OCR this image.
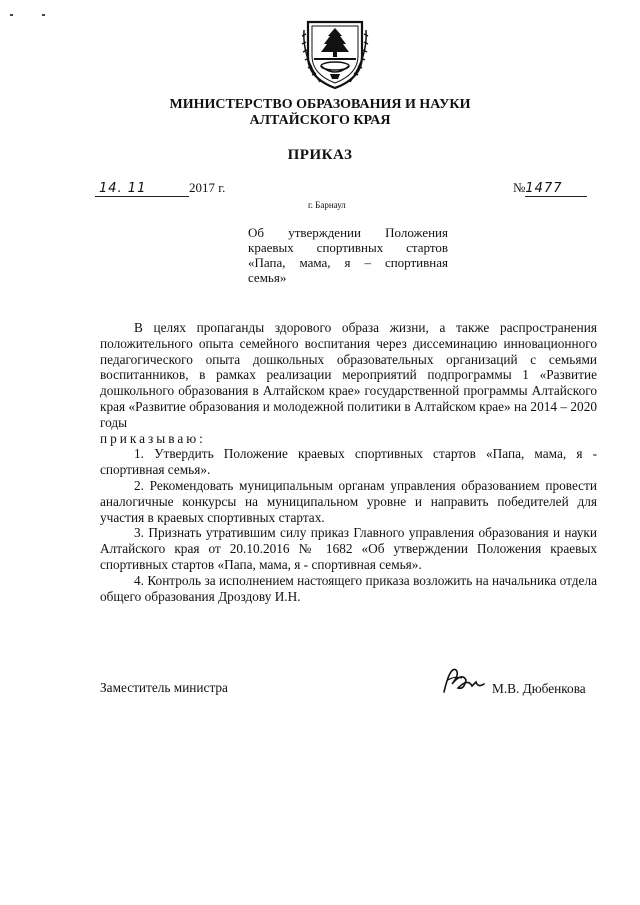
МИНИСТЕРСТВО ОБРАЗОВАНИЯ И НАУКИ
АЛТАЙСКОГО КРАЯ
ПРИКАЗ
14. 11	2017 г.	№1477
г. Барнаул
Об утверждении Положения
краевых спортивных стартов
«Папа, мама, я – спортивная
семья»

В целях пропаганды здорового образа жизни, а также распространения положительного опыта семейного воспитания через диссеминацию инновационного педагогического опыта дошкольных образовательных организаций с семьями воспитанников, в рамках реализации мероприятий подпрограммы 1 «Развитие дошкольного образования в Алтайском крае» государственной программы Алтайского края «Развитие образования и молодежной политики в Алтайском крае» на 2014 – 2020 годы

приказываю:

1. Утвердить Положение краевых спортивных стартов «Папа, мама, я - спортивная семья».

2. Рекомендовать муниципальным органам управления образованием провести аналогичные конкурсы на муниципальном уровне и направить победителей для участия в краевых спортивных стартах.

3. Признать утратившим силу приказ Главного управления образования и науки Алтайского края от 20.10.2016 № 1682 «Об утверждении Положения краевых спортивных стартов «Папа, мама, я - спортивная семья».

4. Контроль за исполнением настоящего приказа возложить на начальника отдела общего образования Дроздову И.Н.

Заместитель министра	М.В. Дюбенкова
